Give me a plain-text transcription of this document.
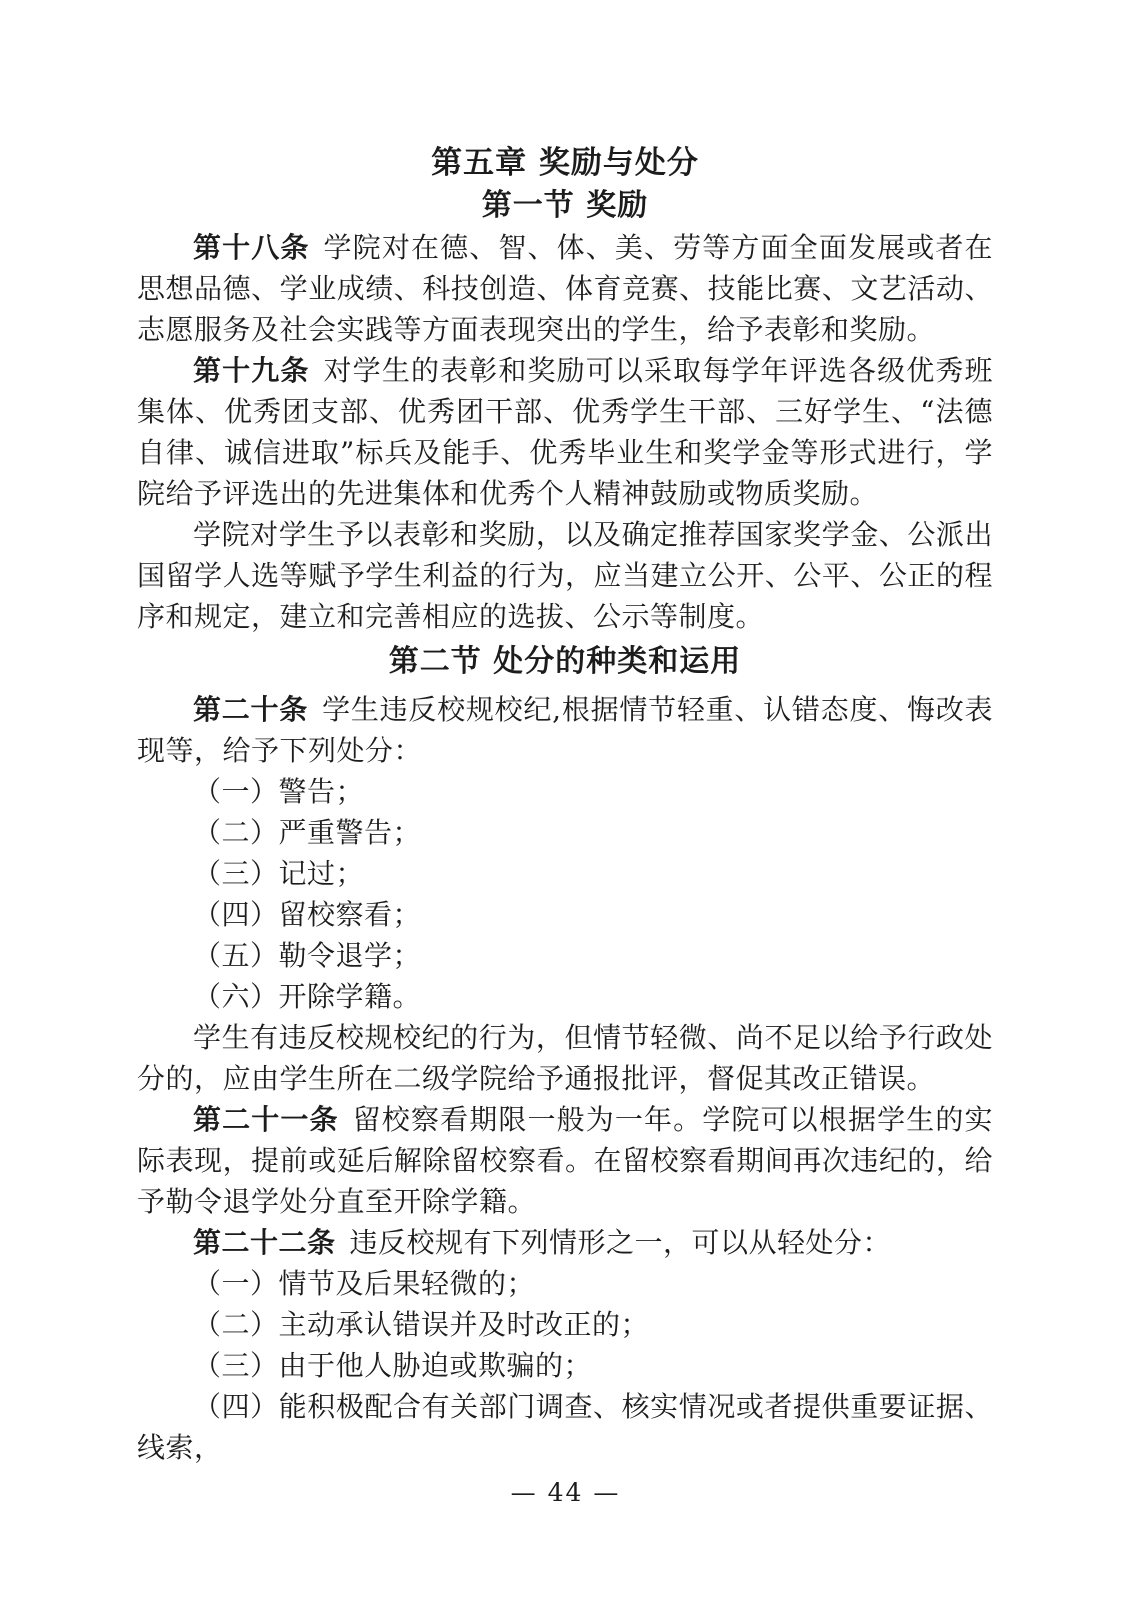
第五章 奖励与处分
第一节 奖励

第十八条 学院对在德、智、体、美、劳等方面全面发展或者在思想品德、学业成绩、科技创造、体育竞赛、技能比赛、文艺活动、志愿服务及社会实践等方面表现突出的学生，给予表彰和奖励。

第十九条 对学生的表彰和奖励可以采取每学年评选各级优秀班集体、优秀团支部、优秀团干部、优秀学生干部、三好学生、“法德自律、诚信进取”标兵及能手、优秀毕业生和奖学金等形式进行，学院给予评选出的先进集体和优秀个人精神鼓励或物质奖励。

学院对学生予以表彰和奖励，以及确定推荐国家奖学金、公派出国留学人选等赋予学生利益的行为，应当建立公开、公平、公正的程序和规定，建立和完善相应的选拔、公示等制度。

第二节 处分的种类和运用

第二十条 学生违反校规校纪,根据情节轻重、认错态度、悔改表现等，给予下列处分：

（一）警告；

（二）严重警告；

（三）记过；

（四）留校察看；

（五）勒令退学；

（六）开除学籍。

学生有违反校规校纪的行为，但情节轻微、尚不足以给予行政处分的，应由学生所在二级学院给予通报批评，督促其改正错误。

第二十一条 留校察看期限一般为一年。学院可以根据学生的实际表现，提前或延后解除留校察看。在留校察看期间再次违纪的，给予勒令退学处分直至开除学籍。

第二十二条 违反校规有下列情形之一，可以从轻处分：

（一）情节及后果轻微的；

（二）主动承认错误并及时改正的；

（三）由于他人胁迫或欺骗的；

（四）能积极配合有关部门调查、核实情况或者提供重要证据、线索，

— 44 —
